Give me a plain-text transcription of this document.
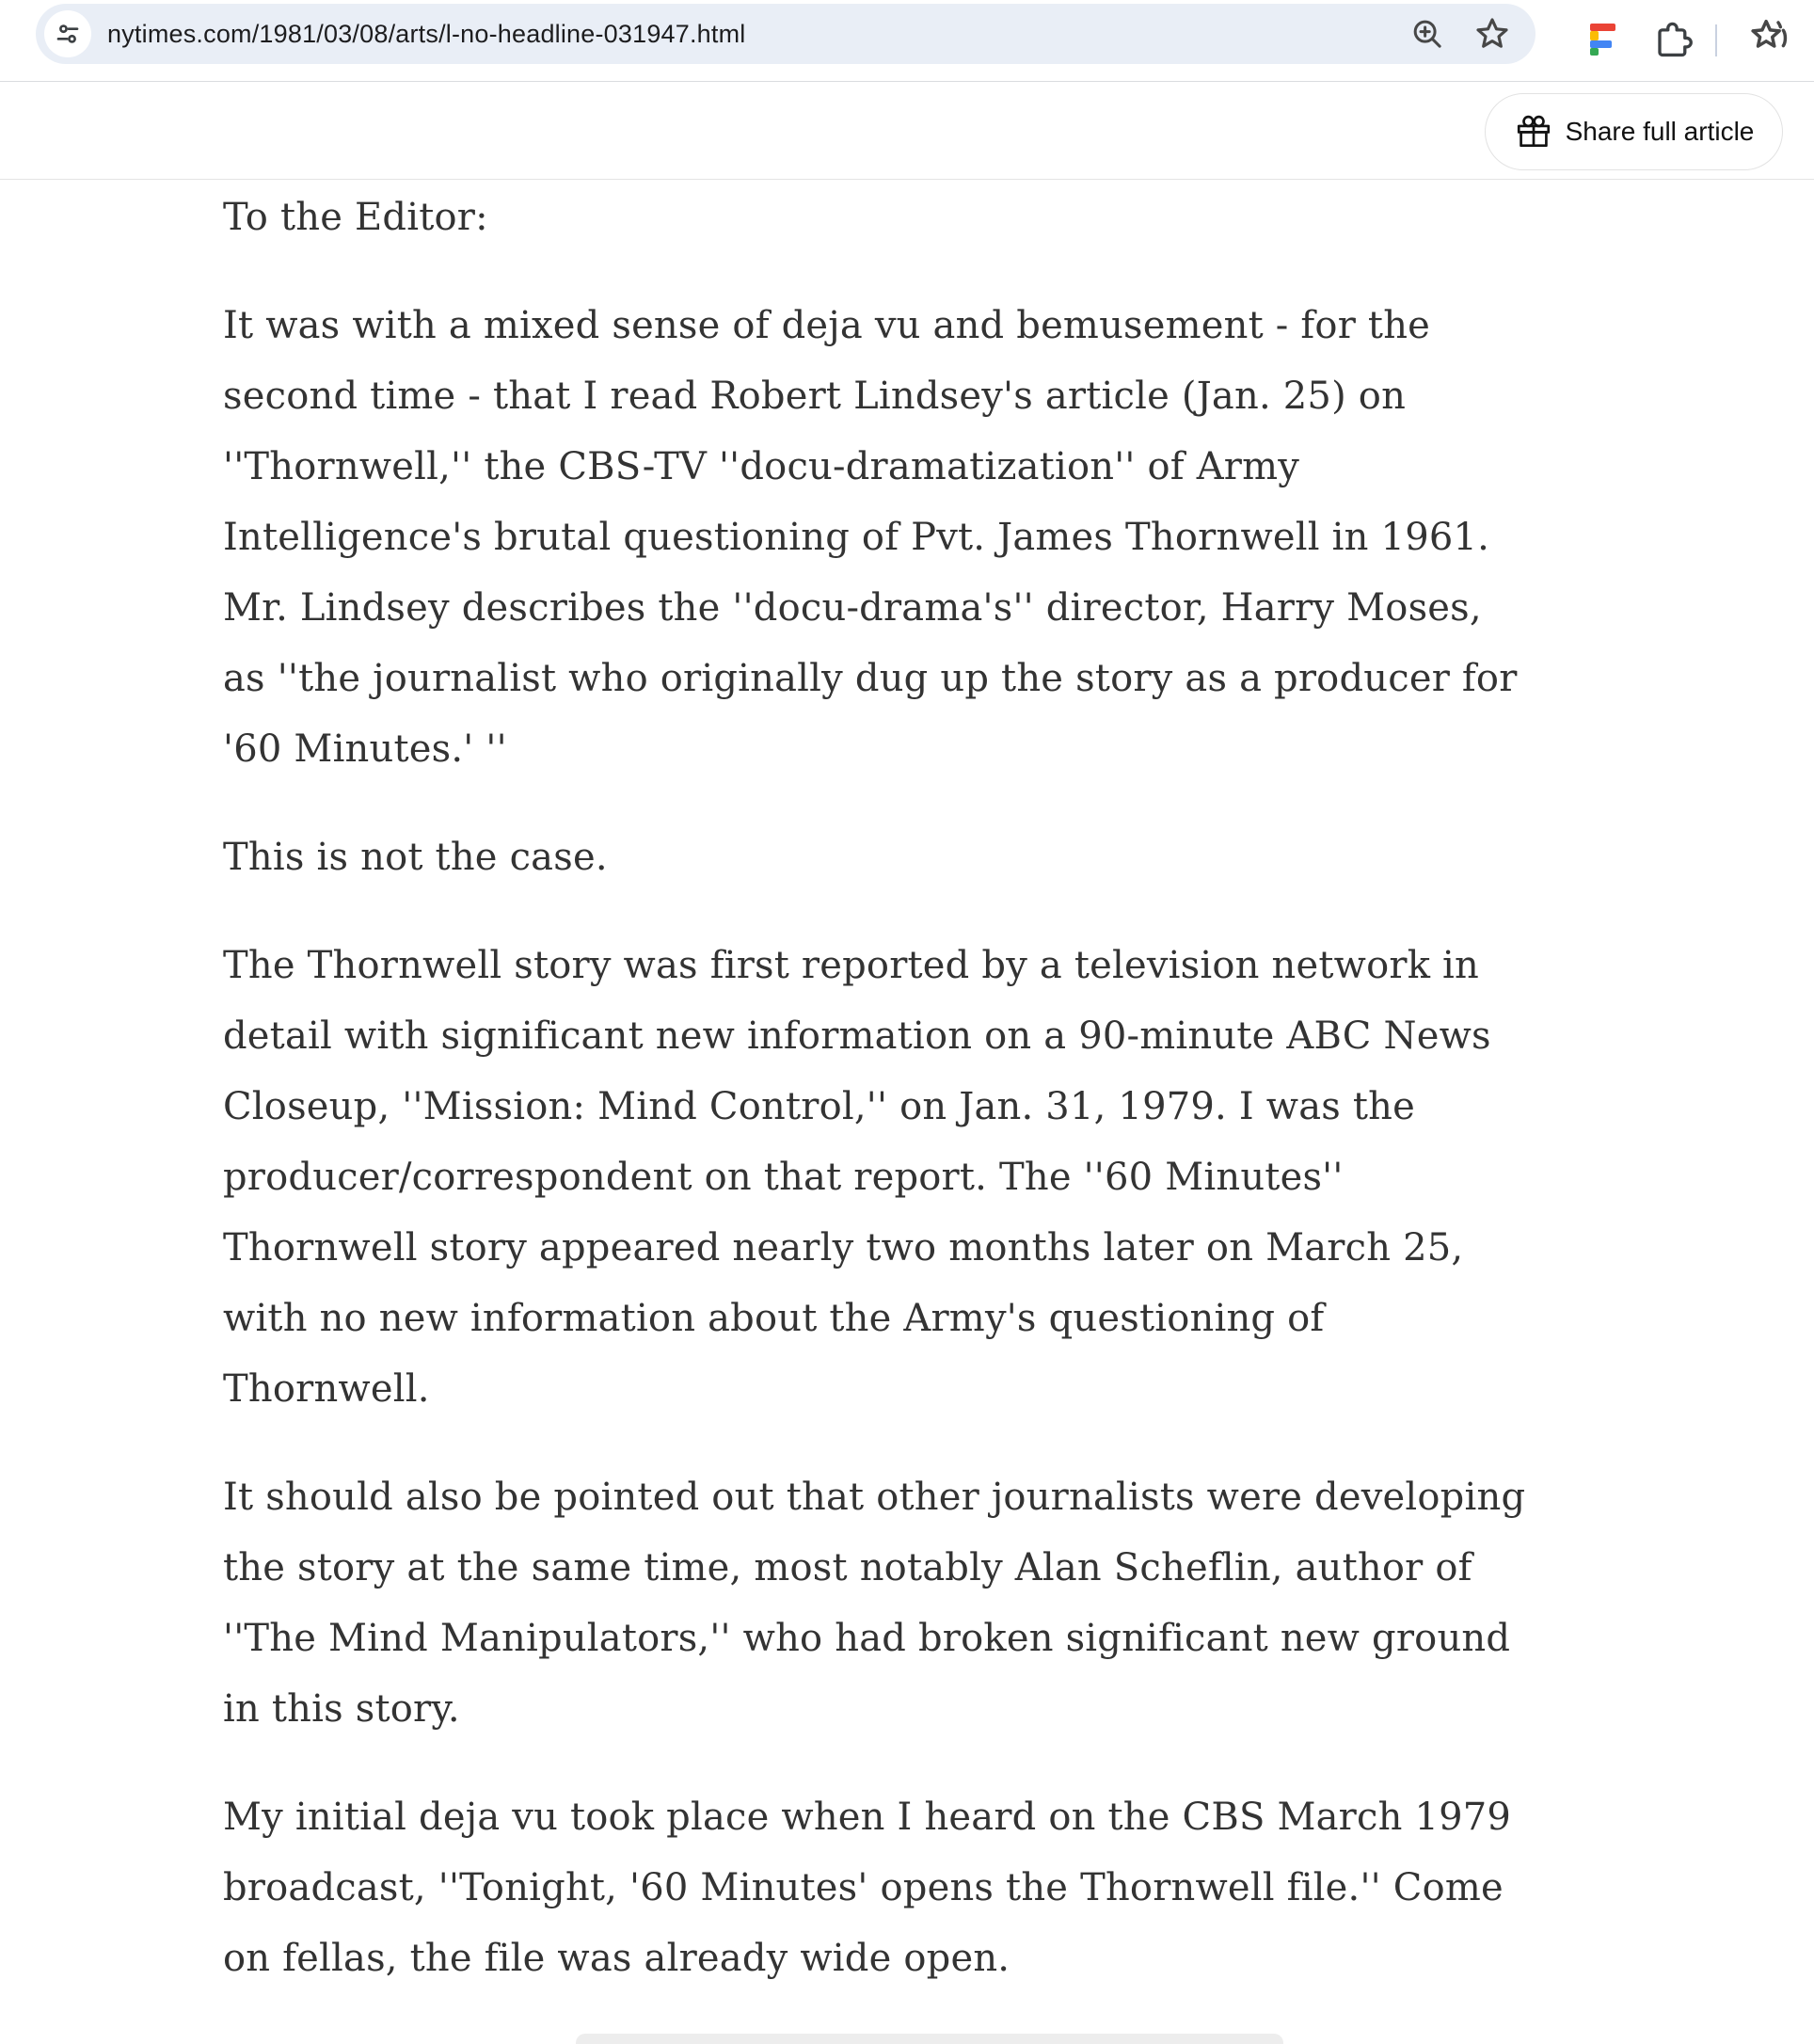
nytimes.com/1981/03/08/arts/l-no-headline-031947.html
Share full article

To the Editor:

It was with a mixed sense of deja vu and bemusement - for the
second time - that I read Robert Lindsey's article (Jan. 25) on
''Thornwell,'' the CBS-TV ''docu-dramatization'' of Army
Intelligence's brutal questioning of Pvt. James Thornwell in 1961.
Mr. Lindsey describes the ''docu-drama's'' director, Harry Moses,
as ''the journalist who originally dug up the story as a producer for
'60 Minutes.' ''

This is not the case.

The Thornwell story was first reported by a television network in
detail with significant new information on a 90-minute ABC News
Closeup, ''Mission: Mind Control,'' on Jan. 31, 1979. I was the
producer/correspondent on that report. The ''60 Minutes''
Thornwell story appeared nearly two months later on March 25,
with no new information about the Army's questioning of
Thornwell.

It should also be pointed out that other journalists were developing
the story at the same time, most notably Alan Scheflin, author of
''The Mind Manipulators,'' who had broken significant new ground
in this story.

My initial deja vu took place when I heard on the CBS March 1979
broadcast, ''Tonight, '60 Minutes' opens the Thornwell file.'' Come
on fellas, the file was already wide open.
